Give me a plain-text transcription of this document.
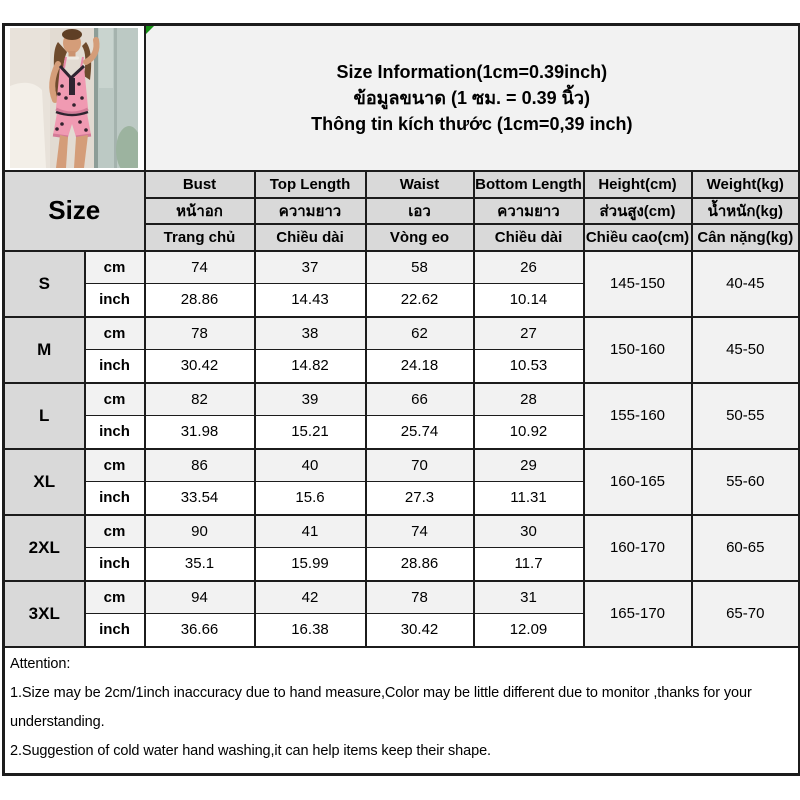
Size Information(1cm=0.39inch)
ข้อมูลขนาด (1 ซม. = 0.39 นิ้ว)
Thông tin kích thước (1cm=0,39 inch)					

Size		Bust	Top Length	Waist	Bottom Length	Height(cm)	Weight(kg)
		หน้าอก	ความยาว	เอว	ความยาว	ส่วนสูง(cm)	น้ำหนัก(kg)
		Trang chủ	Chiều dài	Vòng eo	Chiều dài	Chiều cao(cm)	Cân nặng(kg)
S	cm	74	37	58	26	145-150	40-45
	inch	28.86	14.43	22.62	10.14		
M	cm	78	38	62	27	150-160	45-50
	inch	30.42	14.82	24.18	10.53		
L	cm	82	39	66	28	155-160	50-55
	inch	31.98	15.21	25.74	10.92		
XL	cm	86	40	70	29	160-165	55-60
	inch	33.54	15.6	27.3	11.31		
2XL	cm	90	41	74	30	160-170	60-65
	inch	35.1	15.99	28.86	11.7		
3XL	cm	94	42	78	31	165-170	65-70
	inch	36.66	16.38	30.42	12.09		

Attention:
1.Size may be 2cm/1inch inaccuracy due to hand measure,Color may be little different due to monitor ,thanks for your understanding.
2.Suggestion of cold water hand washing,it can help items keep their shape.							
